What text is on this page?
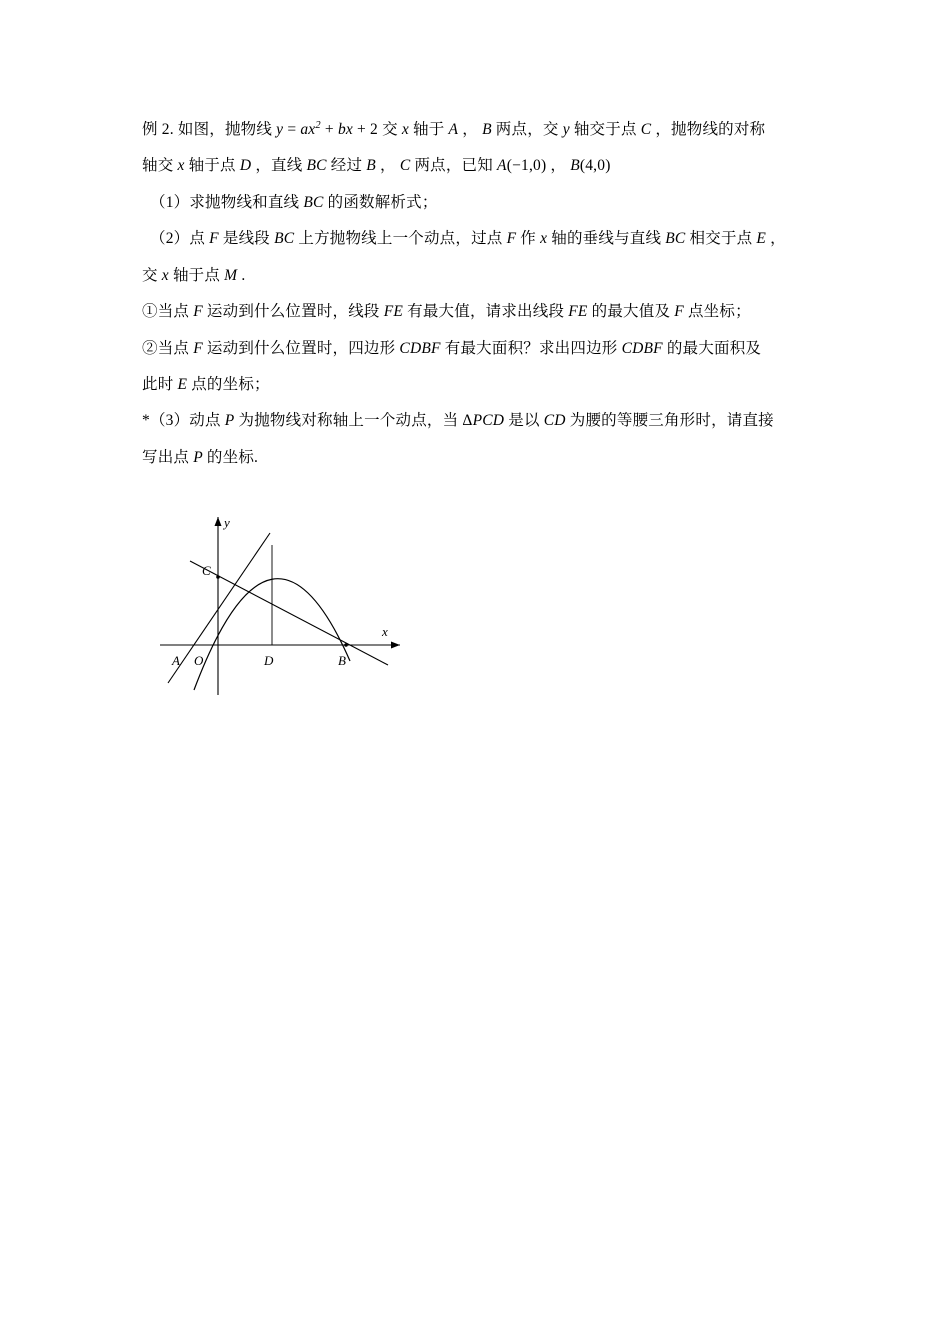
例 2. 如图，抛物线 $y = ax^2$ + bx + 2 交 x 轴于 A ， B 两点，交 y 轴交于点 C ，抛物线的对称

轴交 x 轴于点 D ，直线 BC 经过 B ， C 两点，已知 A(−1,0) ， B(4,0)

（1）求抛物线和直线 BC 的函数解析式；

（2）点 F 是线段 BC 上方抛物线上一个动点，过点 F 作 x 轴的垂线与直线 BC 相交于点 E ，

交 x 轴于点 M .

①当点 F 运动到什么位置时，线段 FE 有最大值，请求出线段 FE 的最大值及 F 点坐标；

②当点 F 运动到什么位置时，四边形 CDBF 有最大面积？求出四边形 CDBF 的最大面积及

此时 E 点的坐标；

*（3）动点 P 为抛物线对称轴上一个动点，当 ΔPCD 是以 CD 为腰的等腰三角形时，请直接

写出点 P 的坐标.

y
x
C
A O	D	B
